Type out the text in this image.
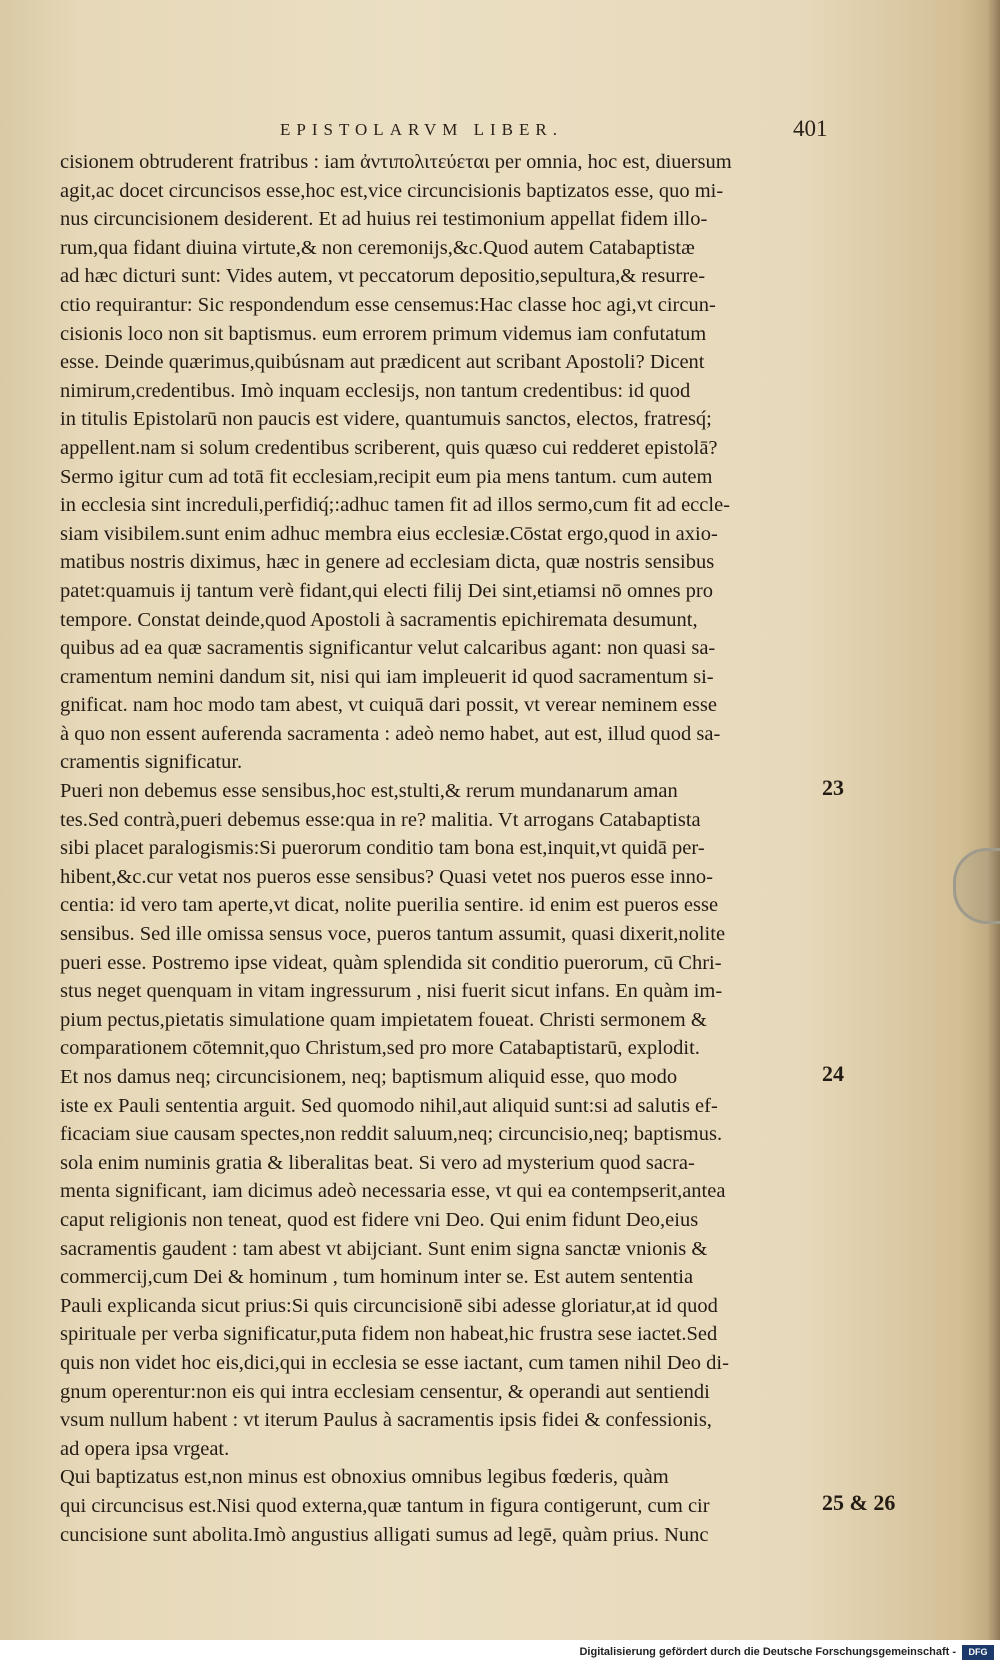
EPISTOLARVM LIBER.	401
cisionem obtruderent fratribus : iam ἀντιπολιτεύεται per omnia, hoc est, diuersum
agit,ac docet circuncisos esse,hoc est,vice circuncisionis baptizatos esse, quo mi-
nus circuncisionem desiderent. Et ad huius rei testimonium appellat fidem illo-
rum,qua fidant diuina virtute,& non ceremonijs,&c.Quod autem Catabaptistæ
ad hæc dicturi sunt: Vides autem, vt peccatorum depositio,sepultura,& resurre-
ctio requirantur: Sic respondendum esse censemus:Hac classe hoc agi,vt circun-
cisionis loco non sit baptismus. eum errorem primum videmus iam confutatum
esse. Deinde quærimus,quibúsnam aut prædicent aut scribant Apostoli? Dicent
nimirum,credentibus. Imò inquam ecclesijs, non tantum credentibus: id quod
in titulis Epistolarū non paucis est videre, quantumuis sanctos, electos, fratresq́;
appellent.nam si solum credentibus scriberent, quis quæso cui redderet epistolā?
Sermo igitur cum ad totā fit ecclesiam,recipit eum pia mens tantum. cum autem
in ecclesia sint increduli,perfidiq́;:adhuc tamen fit ad illos sermo,cum fit ad eccle-
siam visibilem.sunt enim adhuc membra eius ecclesiæ.Cōstat ergo,quod in axio-
matibus nostris diximus, hæc in genere ad ecclesiam dicta, quæ nostris sensibus
patet:quamuis ij tantum verè fidant,qui electi filij Dei sint,etiamsi nō omnes pro
tempore. Constat deinde,quod Apostoli à sacramentis epichiremata desumunt,
quibus ad ea quæ sacramentis significantur velut calcaribus agant: non quasi sa-
cramentum nemini dandum sit, nisi qui iam impleuerit id quod sacramentum si-
gnificat. nam hoc modo tam abest, vt cuiquā dari possit, vt verear neminem esse
à quo non essent auferenda sacramenta : adeò nemo habet, aut est, illud quod sa-
cramentis significatur.
Pueri non debemus esse sensibus,hoc est,stulti,& rerum mundanarum aman
tes.Sed contrà,pueri debemus esse:qua in re? malitia. Vt arrogans Catabaptista
sibi placet paralogismis:Si puerorum conditio tam bona est,inquit,vt quidā per-
hibent,&c.cur vetat nos pueros esse sensibus? Quasi vetet nos pueros esse inno-
centia: id vero tam aperte,vt dicat, nolite puerilia sentire. id enim est pueros esse
sensibus. Sed ille omissa sensus voce, pueros tantum assumit, quasi dixerit,nolite
pueri esse. Postremo ipse videat, quàm splendida sit conditio puerorum, cū Chri-
stus neget quenquam in vitam ingressurum , nisi fuerit sicut infans. En quàm im-
pium pectus,pietatis simulatione quam impietatem foueat. Christi sermonem &
comparationem cōtemnit,quo Christum,sed pro more Catabaptistarū, explodit.
Et nos damus neq; circuncisionem, neq; baptismum aliquid esse, quo modo
iste ex Pauli sententia arguit. Sed quomodo nihil,aut aliquid sunt:si ad salutis ef-
ficaciam siue causam spectes,non reddit saluum,neq; circuncisio,neq; baptismus.
sola enim numinis gratia & liberalitas beat. Si vero ad mysterium quod sacra-
menta significant, iam dicimus adeò necessaria esse, vt qui ea contempserit,antea
caput religionis non teneat, quod est fidere vni Deo. Qui enim fidunt Deo,eius
sacramentis gaudent : tam abest vt abijciant. Sunt enim signa sanctæ vnionis &
commercij,cum Dei & hominum , tum hominum inter se. Est autem sententia
Pauli explicanda sicut prius:Si quis circuncisionē sibi adesse gloriatur,at id quod
spirituale per verba significatur,puta fidem non habeat,hic frustra sese iactet.Sed
quis non videt hoc eis,dici,qui in ecclesia se esse iactant, cum tamen nihil Deo di-
gnum operentur:non eis qui intra ecclesiam censentur, & operandi aut sentiendi
vsum nullum habent : vt iterum Paulus à sacramentis ipsis fidei & confessionis,
ad opera ipsa vrgeat.
Qui baptizatus est,non minus est obnoxius omnibus legibus fœderis, quàm
qui circuncisus est.Nisi quod externa,quæ tantum in figura contigerunt, cum cir
cuncisione sunt abolita.Imò angustius alligati sumus ad legē, quàm prius. Nunc
23
24
25 & 26
Digitalisierung gefördert durch die Deutsche Forschungsgemeinschaft -	DFG
